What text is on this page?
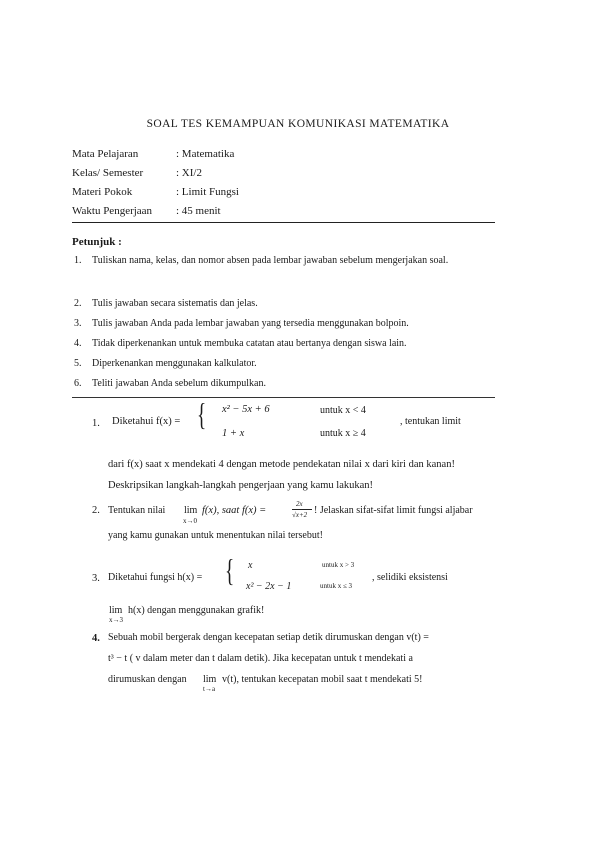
SOAL TES KEMAMPUAN KOMUNIKASI MATEMATIKA
Mata Pelajaran	: Matematika
Kelas/ Semester	: XI/2
Materi Pokok	: Limit Fungsi
Waktu Pengerjaan : 45 menit
Petunjuk :
1. Tuliskan nama, kelas, dan nomor absen pada lembar jawaban sebelum mengerjakan soal.
2. Tulis jawaban secara sistematis dan jelas.
3. Tulis jawaban Anda pada lembar jawaban yang tersedia menggunakan bolpoin.
4. Tidak diperkenankan untuk membuka catatan atau bertanya dengan siswa lain.
5. Diperkenankan menggunakan kalkulator.
6. Teliti jawaban Anda sebelum dikumpulkan.
1. Diketahui f(x) = { x² − 5x + 6	untuk x < 4
1 + x	untuk x ≥ 4
, tentukan limit
dari f(x) saat x mendekati 4 dengan metode pendekatan nilai x dari kiri dan kanan!
Deskripsikan langkah-langkah pengerjaan yang kamu lakukan!
2. Tentukan nilai lim
x→0
f(x), saat f(x) =
2x
√x+2 ! Jelaskan sifat-sifat limit fungsi aljabar
yang kamu gunakan untuk menentukan nilai tersebut!
3. Diketahui fungsi h(x) = { x	untuk x > 3
x² − 2x − 1	untuk x ≤ 3
, selidiki eksistensi
lim
x→3
h(x) dengan menggunakan grafik!
4. Sebuah mobil bergerak dengan kecepatan setiap detik dirumuskan dengan v(t) =
t³ − t ( v dalam meter dan t dalam detik). Jika kecepatan untuk t mendekati a
dirumuskan dengan lim
t→a
v(t), tentukan kecepatan mobil saat t mendekati 5!
